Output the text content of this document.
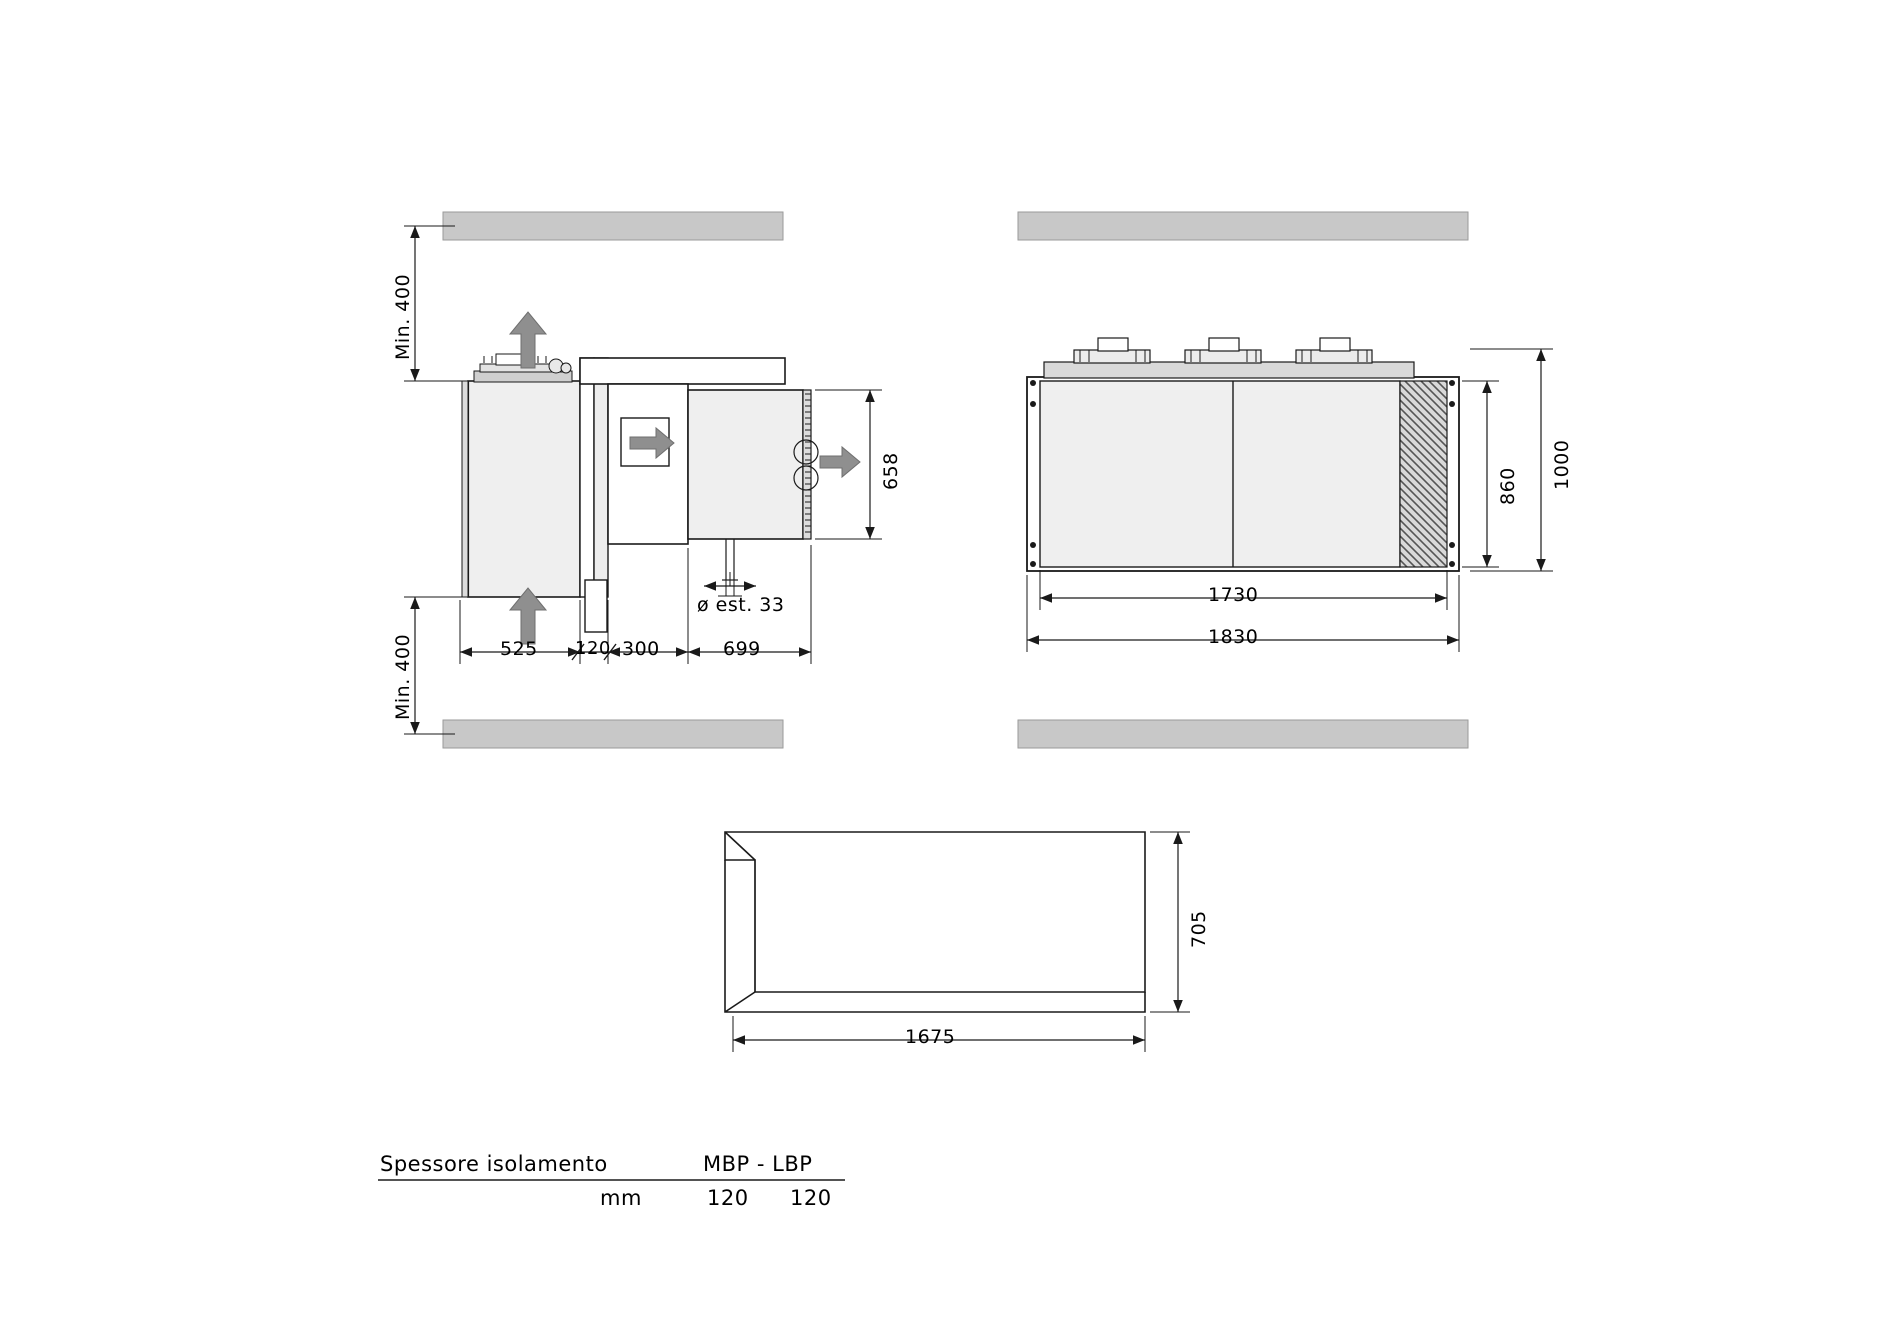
Min. 400
Min. 400
658
ø est. 33
525 120 300	699
1730
1830
860 1000
705
1675
Spessore isolamento	MBP - LBP
mm	120 120
